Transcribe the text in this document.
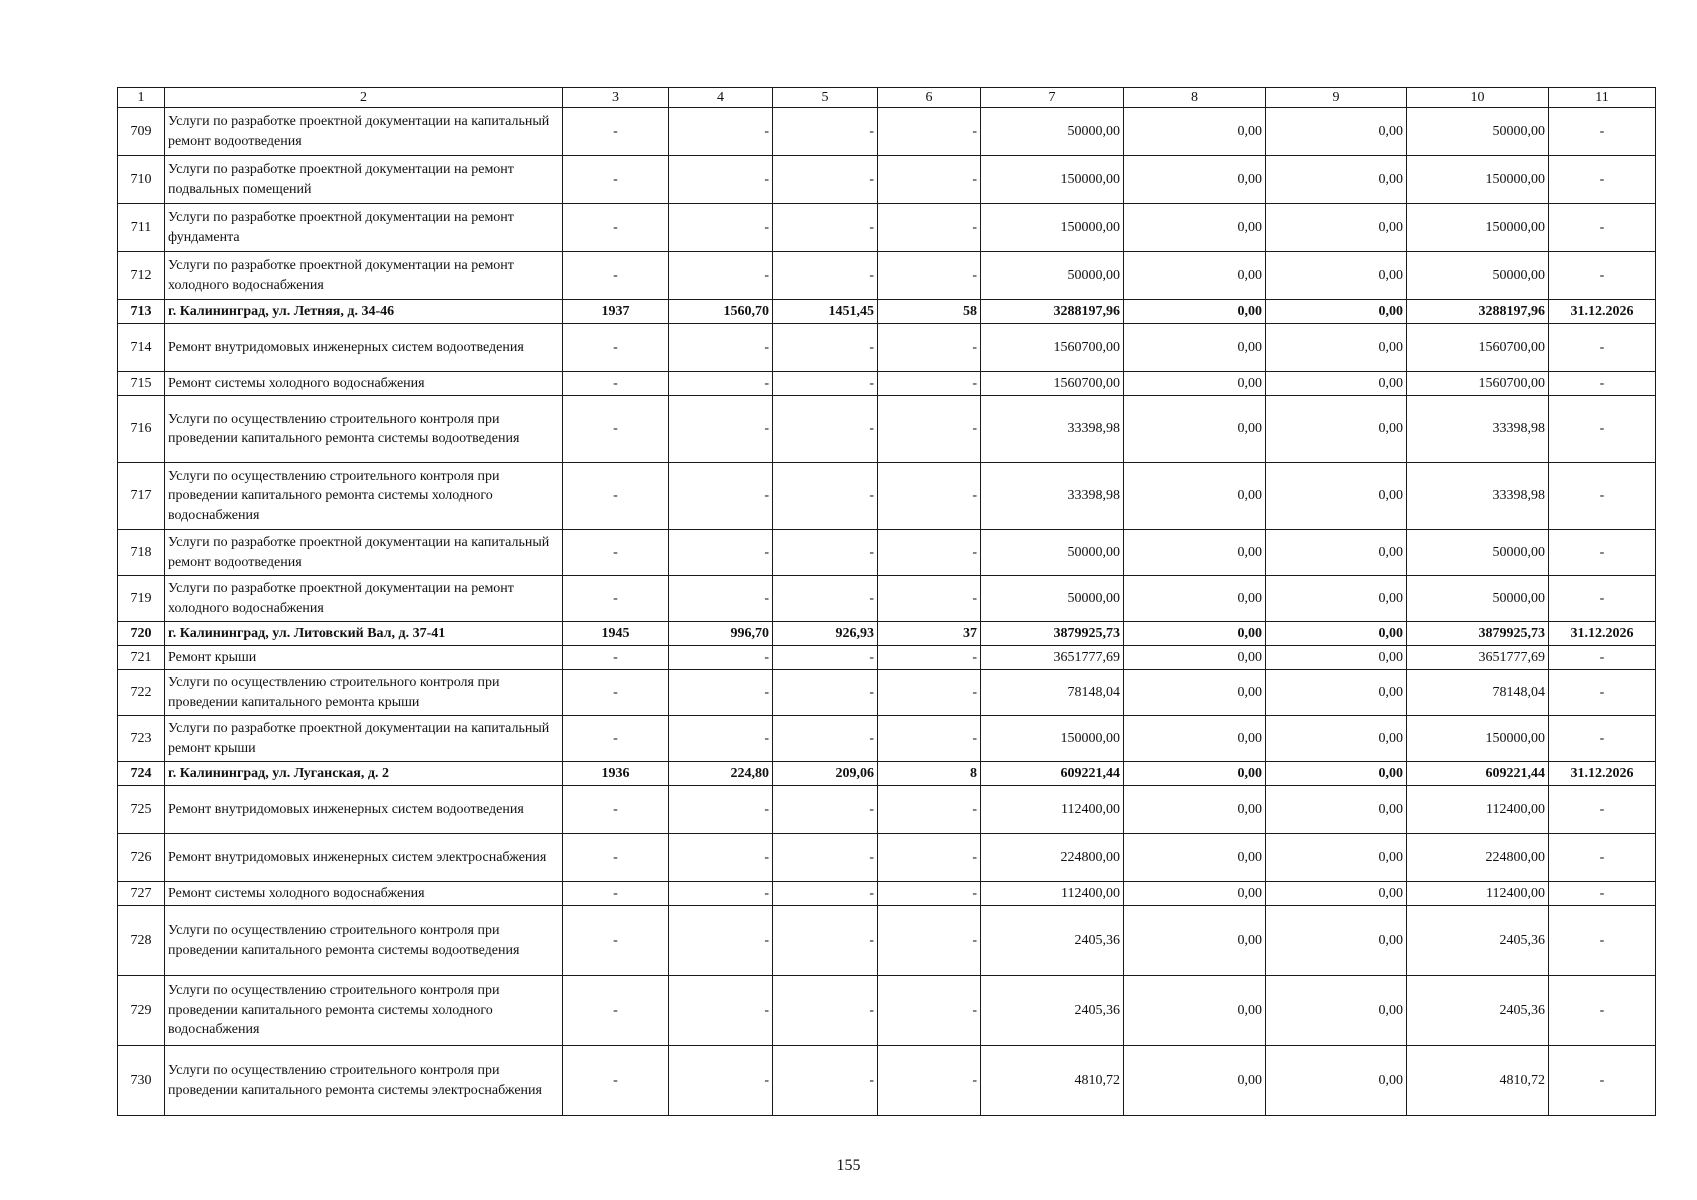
1	2	3	4	5	6	7	8	9	10	11
709	Услуги по разработке проектной документации на капитальный ремонт водоотведения	-	-	-	-	50000,00	0,00	0,00	50000,00	-
710	Услуги по разработке проектной документации на ремонт подвальных помещений	-	-	-	-	150000,00	0,00	0,00	150000,00	-
711	Услуги по разработке проектной документации на ремонт фундамента	-	-	-	-	150000,00	0,00	0,00	150000,00	-
712	Услуги по разработке проектной документации на ремонт холодного водоснабжения	-	-	-	-	50000,00	0,00	0,00	50000,00	-
713	г. Калининград, ул. Летняя, д. 34-46	1937	1560,70	1451,45	58	3288197,96	0,00	0,00	3288197,96	31.12.2026
714	Ремонт внутридомовых инженерных систем водоотведения	-	-	-	-	1560700,00	0,00	0,00	1560700,00	-
715	Ремонт системы холодного водоснабжения	-	-	-	-	1560700,00	0,00	0,00	1560700,00	-
716	Услуги по осуществлению строительного контроля при проведении капитального ремонта системы водоотведения	-	-	-	-	33398,98	0,00	0,00	33398,98	-
717	Услуги по осуществлению строительного контроля при проведении капитального ремонта системы холодного водоснабжения	-	-	-	-	33398,98	0,00	0,00	33398,98	-
718	Услуги по разработке проектной документации на капитальный ремонт водоотведения	-	-	-	-	50000,00	0,00	0,00	50000,00	-
719	Услуги по разработке проектной документации на ремонт холодного водоснабжения	-	-	-	-	50000,00	0,00	0,00	50000,00	-
720	г. Калининград, ул. Литовский Вал, д. 37-41	1945	996,70	926,93	37	3879925,73	0,00	0,00	3879925,73	31.12.2026
721	Ремонт крыши	-	-	-	-	3651777,69	0,00	0,00	3651777,69	-
722	Услуги по осуществлению строительного контроля при проведении капитального ремонта крыши	-	-	-	-	78148,04	0,00	0,00	78148,04	-
723	Услуги по разработке проектной документации на капитальный ремонт крыши	-	-	-	-	150000,00	0,00	0,00	150000,00	-
724	г. Калининград, ул. Луганская, д. 2	1936	224,80	209,06	8	609221,44	0,00	0,00	609221,44	31.12.2026
725	Ремонт внутридомовых инженерных систем водоотведения	-	-	-	-	112400,00	0,00	0,00	112400,00	-
726	Ремонт внутридомовых инженерных систем электроснабжения	-	-	-	-	224800,00	0,00	0,00	224800,00	-
727	Ремонт системы холодного водоснабжения	-	-	-	-	112400,00	0,00	0,00	112400,00	-
728	Услуги по осуществлению строительного контроля при проведении капитального ремонта системы водоотведения	-	-	-	-	2405,36	0,00	0,00	2405,36	-
729	Услуги по осуществлению строительного контроля при проведении капитального ремонта системы холодного водоснабжения	-	-	-	-	2405,36	0,00	0,00	2405,36	-
730	Услуги по осуществлению строительного контроля при проведении капитального ремонта системы электроснабжения	-	-	-	-	4810,72	0,00	0,00	4810,72	-
155
